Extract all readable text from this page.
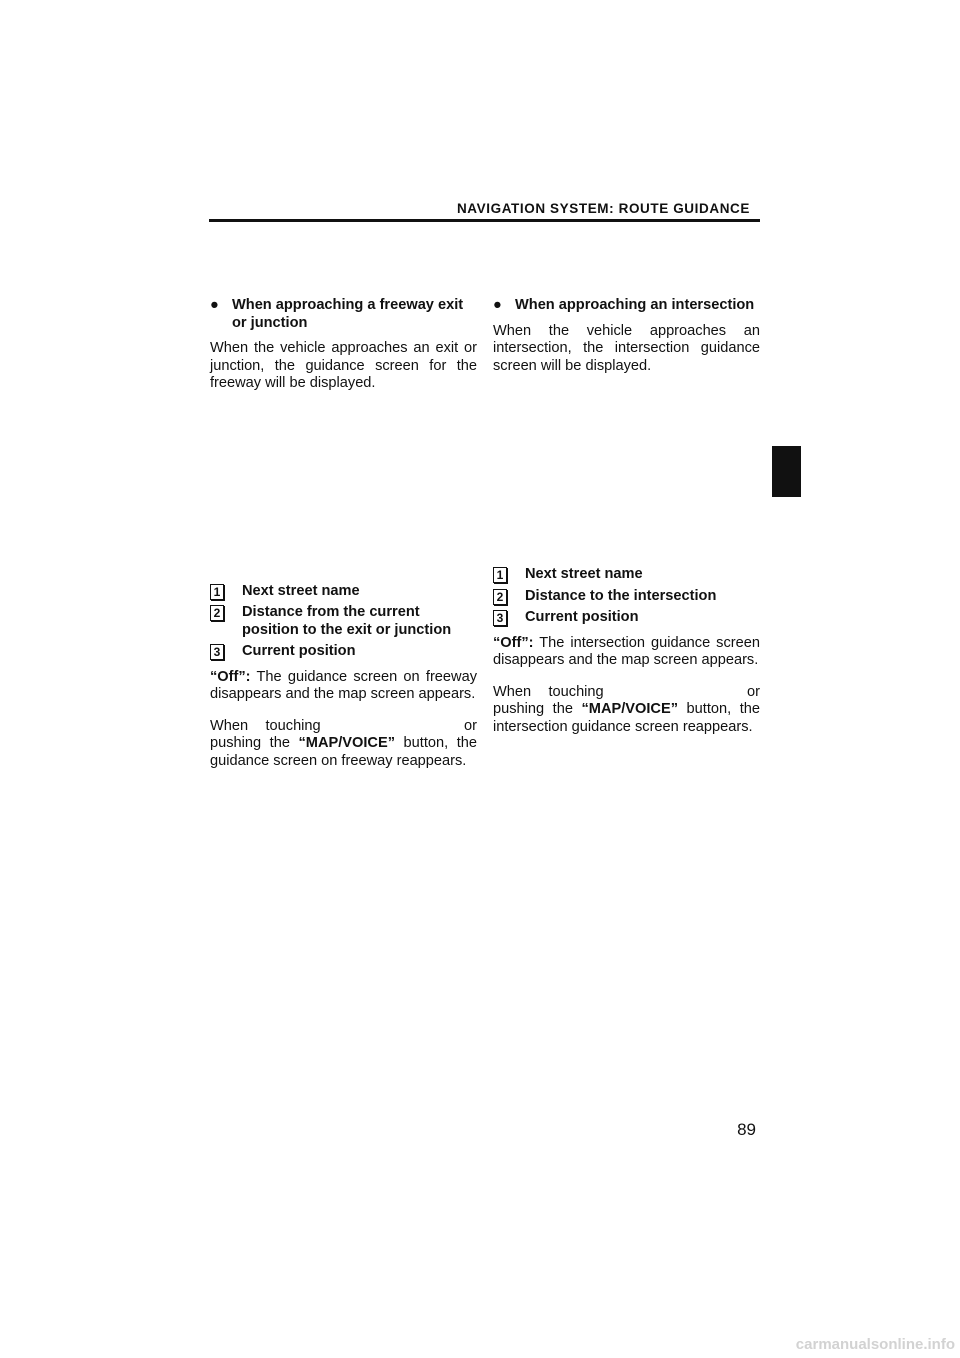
NAVIGATION SYSTEM: ROUTE GUIDANCE
● When approaching a freeway exit or junction

When the vehicle approaches an exit or junction, the guidance screen for the freeway will be displayed.

1 Next street name
2 Distance from the current position to the exit or junction
3 Current position

“Off”: The guidance screen on freeway disappears and the map screen appears.

When touching	or pushing the “MAP/VOICE” button, the guidance screen on freeway reappears.

● When approaching an intersection

When the vehicle approaches an intersection, the intersection guidance screen will be displayed.

1 Next street name
2 Distance to the intersection
3 Current position

“Off”: The intersection guidance screen disappears and the map screen appears.

When touching	or pushing the “MAP/VOICE” button, the intersection guidance screen reappears.

89
carmanualsonline.info
